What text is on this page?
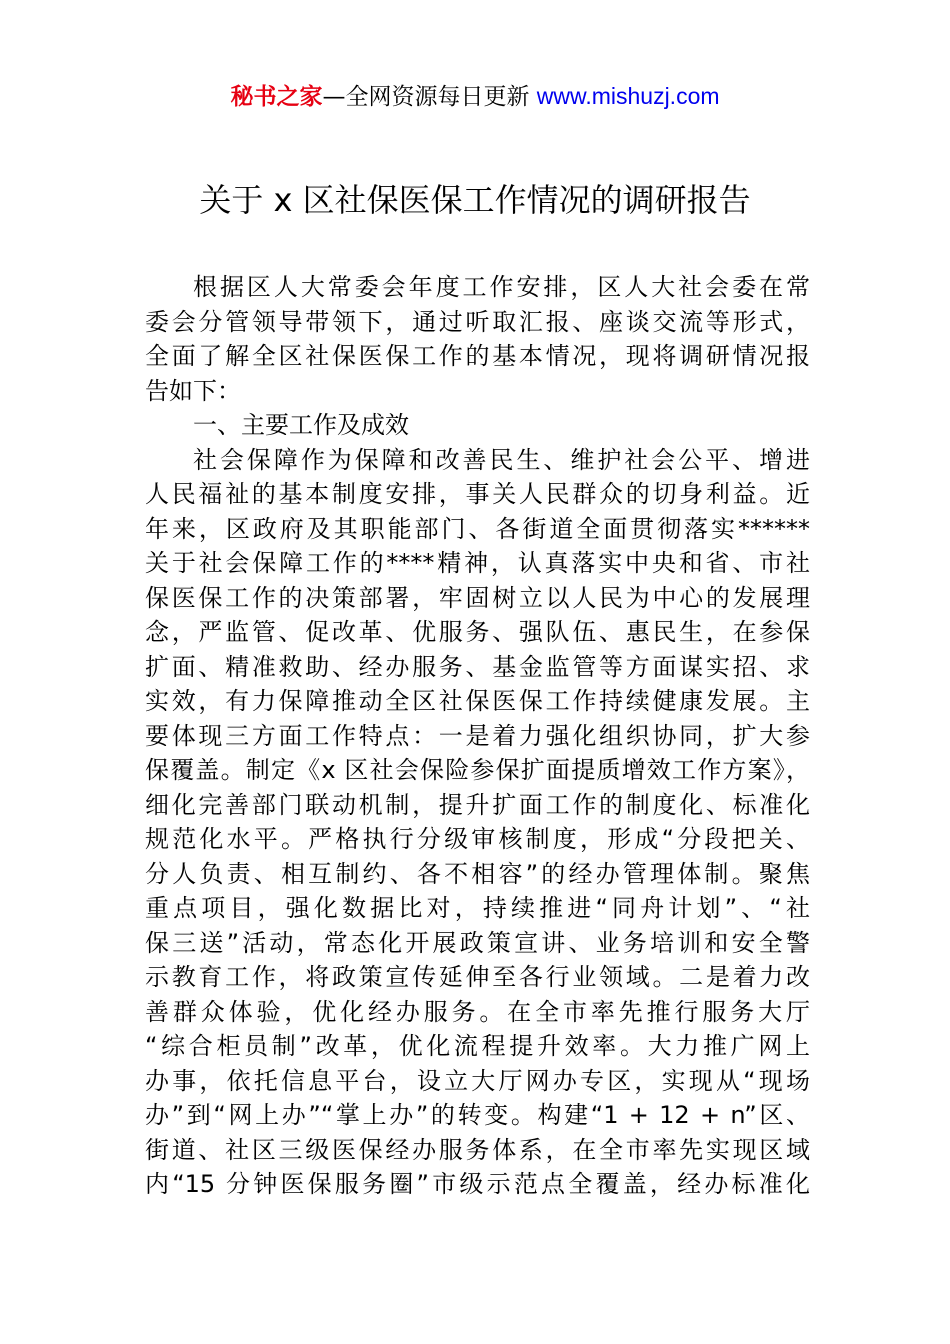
秘书之家—全网资源每日更新 www.mishuzj.com
关于 x 区社保医保工作情况的调研报告
根据区人大常委会年度工作安排，区人大社会委在常
委会分管领导带领下，通过听取汇报、座谈交流等形式，
全面了解全区社保医保工作的基本情况，现将调研情况报
告如下：
一、主要工作及成效
社会保障作为保障和改善民生、维护社会公平、增进
人民福祉的基本制度安排，事关人民群众的切身利益。近
年来，区政府及其职能部门、各街道全面贯彻落实******
关于社会保障工作的****精神，认真落实中央和省、市社
保医保工作的决策部署，牢固树立以人民为中心的发展理
念，严监管、促改革、优服务、强队伍、惠民生，在参保
扩面、精准救助、经办服务、基金监管等方面谋实招、求
实效，有力保障推动全区社保医保工作持续健康发展。主
要体现三方面工作特点：一是着力强化组织协同，扩大参
保覆盖。制定《x 区社会保险参保扩面提质增效工作方案》，
细化完善部门联动机制，提升扩面工作的制度化、标准化
规范化水平。严格执行分级审核制度，形成“分段把关、
分人负责、相互制约、各不相容”的经办管理体制。聚焦
重点项目，强化数据比对，持续推进“同舟计划”、“社
保三送”活动，常态化开展政策宣讲、业务培训和安全警
示教育工作，将政策宣传延伸至各行业领域。二是着力改
善群众体验，优化经办服务。在全市率先推行服务大厅
“综合柜员制”改革，优化流程提升效率。大力推广网上
办事，依托信息平台，设立大厅网办专区，实现从“现场
办”到“网上办”“掌上办”的转变。构建“1 + 12 + n”区、
街道、社区三级医保经办服务体系，在全市率先实现区域
内“15 分钟医保服务圈”市级示范点全覆盖，经办标准化
